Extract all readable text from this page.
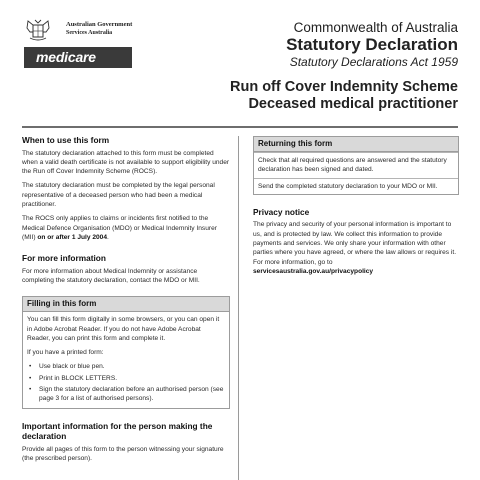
Australian Government
Services Australia
medicare
Commonwealth of Australia
Statutory Declaration
Statutory Declarations Act 1959
Run off Cover Indemnity Scheme
Deceased medical practitioner
When to use this form

The statutory declaration attached to this form must be completed when a valid death certificate is not available to support eligibility under the Run off Cover Indemnity Scheme (ROCS).

The statutory declaration must be completed by the legal personal representative of a deceased person who had been a medical practitioner.

The ROCS only applies to claims or incidents first notified to the Medical Defence Organisation (MDO) or Medical Indemnity Insurer (MII) on or after 1 July 2004.

For more information

For more information about Medical Indemnity or assistance completing the statutory declaration, contact the MDO or MII.

Filling in this form

You can fill this form digitally in some browsers, or you can open it in Adobe Acrobat Reader. If you do not have Adobe Acrobat Reader, you can print this form and complete it.

If you have a printed form:

• Use black or blue pen.
• Print in BLOCK LETTERS.
• Sign the statutory declaration before an authorised person (see page 3 for a list of authorised persons).
Important information for the person making the declaration

Provide all pages of this form to the person witnessing your signature (the prescribed person).

Returning this form
Check that all required questions are answered and the statutory declaration has been signed and dated.
Send the completed statutory declaration to your MDO or MII.
Privacy notice

The privacy and security of your personal information is important to us, and is protected by law. We collect this information to provide payments and services. We only share your information with other parties where you have agreed, or where the law allows or requires it. For more information, go to
servicesaustralia.gov.au/privacypolicy
